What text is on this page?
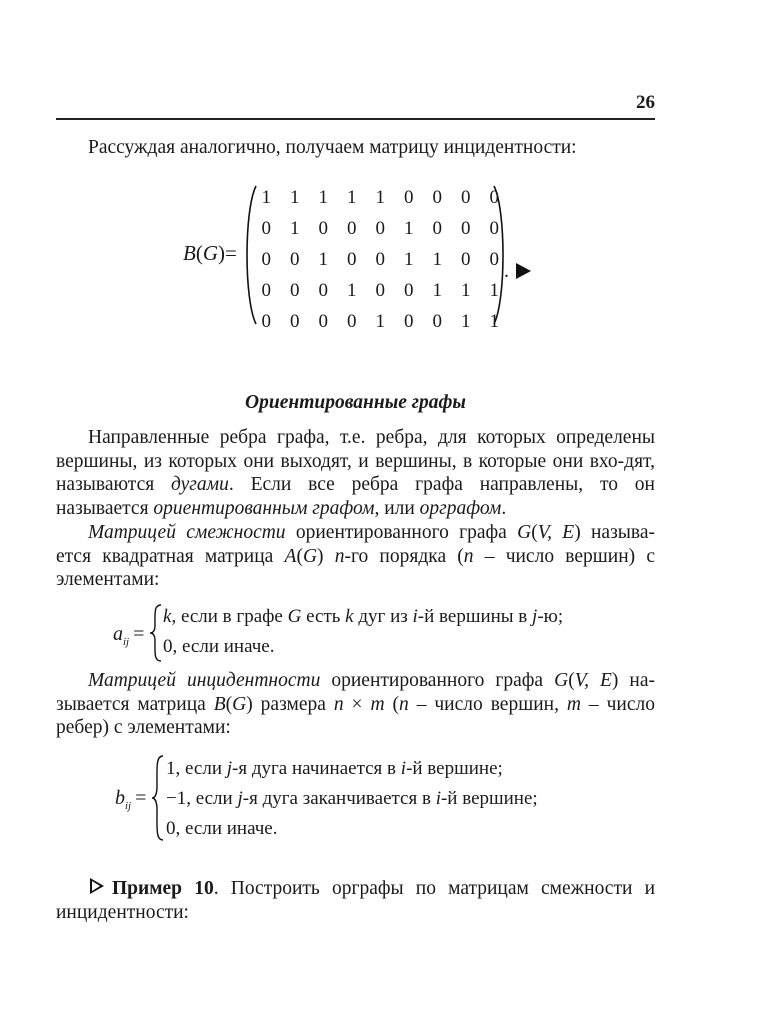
26
Рассуждая аналогично, получаем матрицу инцидентности:
B(G)=
1	1	1	1	1	0	0	0	0
0	1	0	0	0	1	0	0	0
0	0	1	0	0	1	1	0	0
0	0	0	1	0	0	1	1	1
0	0	0	0	1	0	0	1	1
.
Ориентированные графы
Направленные ребра графа, т.е. ребра, для которых определены вершины, из которых они выходят, и вершины, в которые они вхо-дят, называются дугами. Если все ребра графа направлены, то он называется ориентированным графом, или орграфом.
Матрицей смежности ориентированного графа G(V, E) называ-ется квадратная матрица A(G) n-го порядка (n – число вершин) с элементами:
$a_{ij}$ =
k, если в графе G есть k дуг из i-й вершины в j-ю;
0, если иначе.
Матрицей инцидентности ориентированного графа G(V, E) на-зывается матрица B(G) размера n × m (n – число вершин, m – число ребер) с элементами:
$b_{ij}$ =
1, если j-я дуга начинается в i-й вершине;
−1, если j-я дуга заканчивается в i-й вершине;
0, если иначе.
Пример 10. Построить орграфы по матрицам смежности и инцидентности:
